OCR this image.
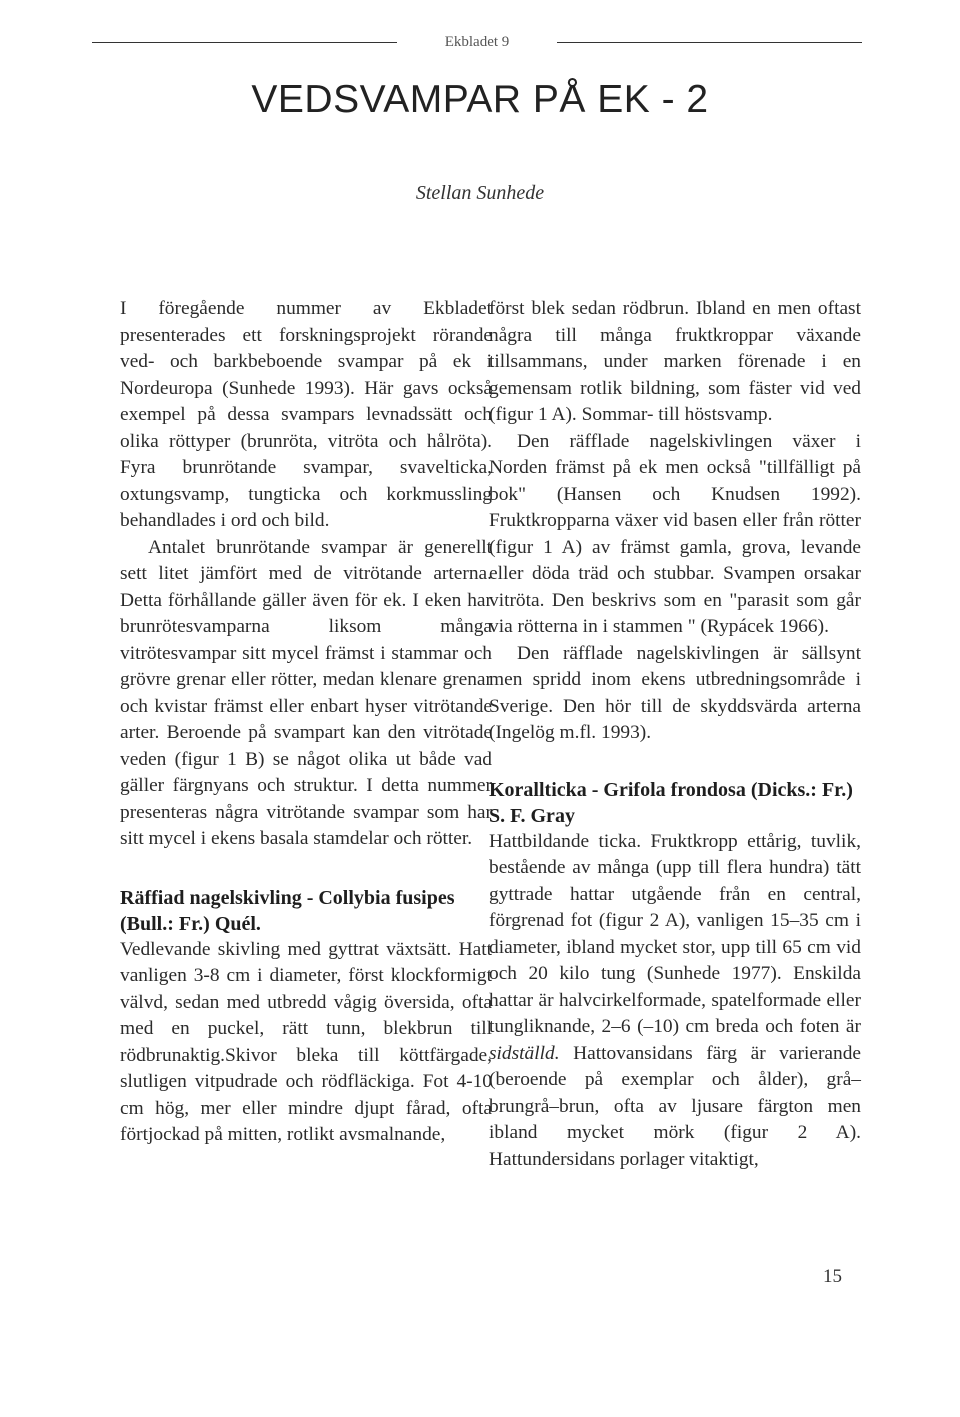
Ekbladet 9
VEDSVAMPAR PÅ EK - 2
Stellan Sunhede

I föregående nummer av Ekbladet presenterades ett forskningsprojekt rörande ved- och barkbeboende svampar på ek i Nordeuropa (Sunhede 1993). Här gavs också exempel på dessa svampars levnadssätt och olika röttyper (brunröta, vitröta och hålröta). Fyra brunrötande svampar, svavelticka, oxtungsvamp, tungticka och korkmussling behandlades i ord och bild.

Antalet brunrötande svampar är generellt sett litet jämfört med de vitrötande arterna. Detta förhållande gäller även för ek. I eken har brunrötesvamparna liksom många vitrötesvampar sitt mycel främst i stammar och grövre grenar eller rötter, medan klenare grenar och kvistar främst eller enbart hyser vitrötande arter. Beroende på svampart kan den vitrötade veden (figur 1 B) se något olika ut både vad gäller färgnyans och struktur. I detta nummer presenteras några vitrötande svampar som har sitt mycel i ekens basala stamdelar och rötter.

Räffiad nagelskivling - Collybia fusipes (Bull.: Fr.) Quél.

Vedlevande skivling med gyttrat växtsätt. Hatt vanligen 3-8 cm i diameter, först klockformigt välvd, sedan med utbredd vågig översida, ofta med en puckel, rätt tunn, blekbrun till rödbrunaktig.Skivor bleka till köttfärgade, slutligen vitpudrade och rödfläckiga. Fot 4-10 cm hög, mer eller mindre djupt fårad, ofta förtjockad på mitten, rotlikt avsmalnande,

först blek sedan rödbrun. Ibland en men oftast några till många fruktkroppar växande tillsammans, under marken förenade i en gemensam rotlik bildning, som fäster vid ved (figur 1 A). Sommar- till höstsvamp.

Den räfflade nagelskivlingen växer i Norden främst på ek men också "tillfälligt på bok" (Hansen och Knudsen 1992). Fruktkropparna växer vid basen eller från rötter (figur 1 A) av främst gamla, grova, levande eller döda träd och stubbar. Svampen orsakar vitröta. Den beskrivs som en "parasit som går via rötterna in i stammen " (Rypácek 1966).

Den räfflade nagelskivlingen är sällsynt men spridd inom ekens utbredningsområde i Sverige. Den hör till de skyddsvärda arterna (Ingelög m.fl. 1993).

Korallticka - Grifola frondosa (Dicks.: Fr.) S. F. Gray

Hattbildande ticka. Fruktkropp ettårig, tuvlik, bestående av många (upp till flera hundra) tätt gyttrade hattar utgående från en central, förgrenad fot (figur 2 A), vanligen 15–35 cm i diameter, ibland mycket stor, upp till 65 cm vid och 20 kilo tung (Sunhede 1977). Enskilda hattar är halvcirkelformade, spatelformade eller tungliknande, 2–6 (–10) cm breda och foten är sidställd. Hattovansidans färg är varierande (beroende på exemplar och ålder), grå–brungrå–brun, ofta av ljusare färgton men ibland mycket mörk (figur 2 A). Hattundersidans porlager vitaktigt,

15
